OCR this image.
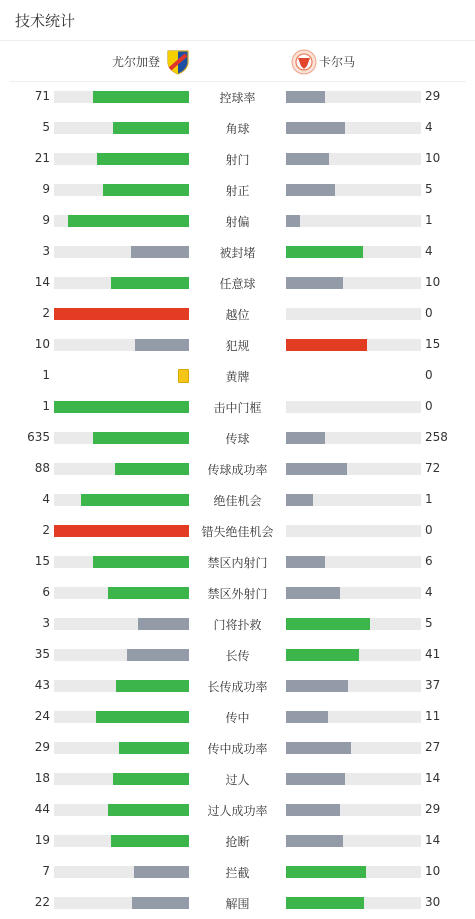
技术统计
尤尔加登	卡尔马
71	控球率	29
5	角球	4
21	射门	10
9	射正	5
9	射偏	1
3	被封堵	4
14	任意球	10
2	越位	0
10	犯规	15
1	黄牌	0
1	击中门框	0
635	传球	258
88	传球成功率	72
4	绝佳机会	1
2	错失绝佳机会	0
15	禁区内射门	6
6	禁区外射门	4
3	门将扑救	5
35	长传	41
43	长传成功率	37
24	传中	11
29	传中成功率	27
18	过人	14
44	过人成功率	29
19	抢断	14
7	拦截	10
22	解围	30
